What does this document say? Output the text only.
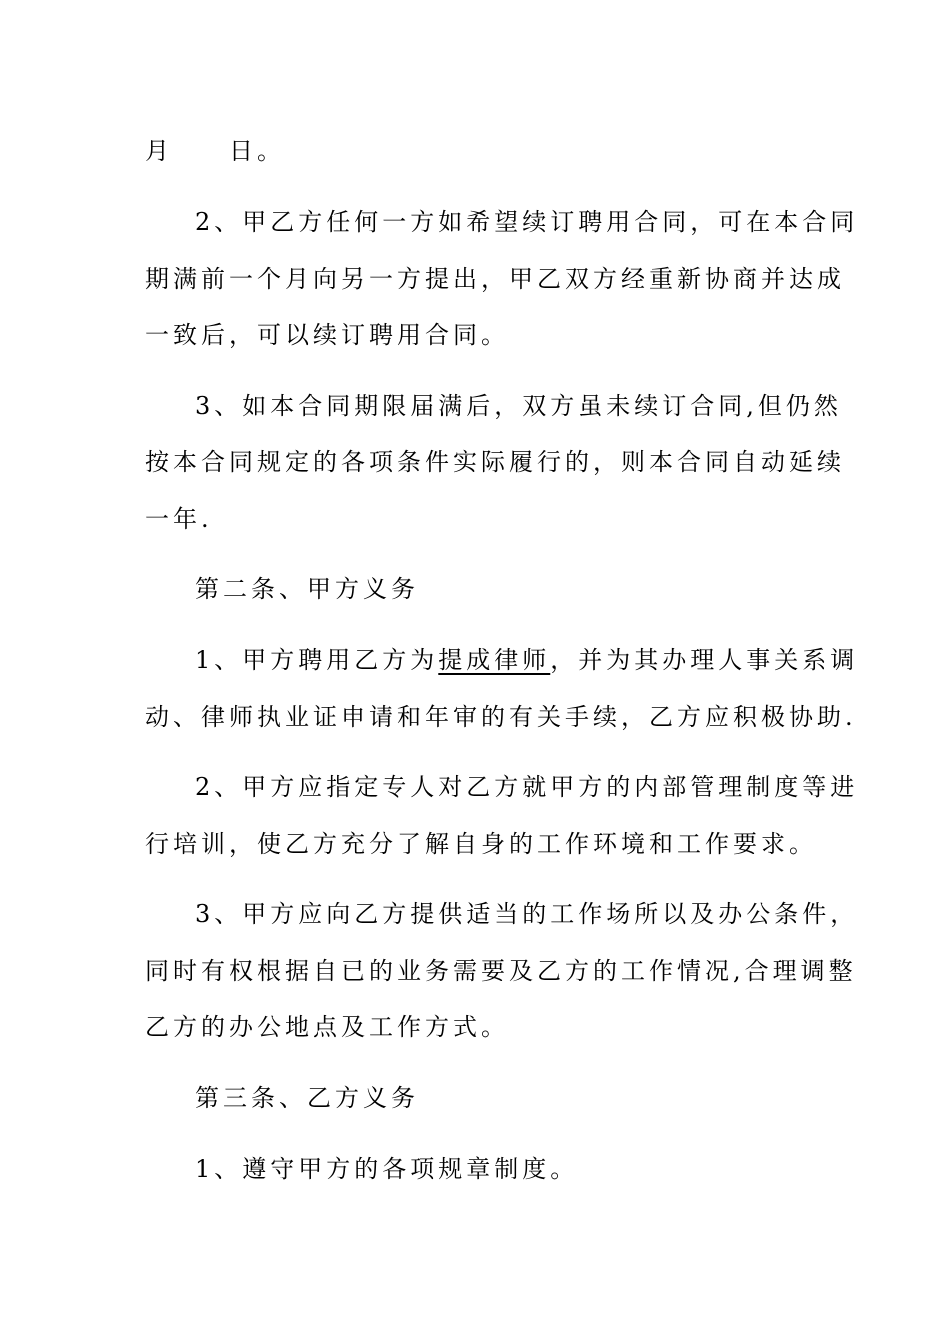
月　　日。
2、甲乙方任何一方如希望续订聘用合同，可在本合同
期满前一个月向另一方提出，甲乙双方经重新协商并达成
一致后，可以续订聘用合同。
3、如本合同期限届满后，双方虽未续订合同,但仍然
按本合同规定的各项条件实际履行的，则本合同自动延续
一年.
第二条、甲方义务
1、甲方聘用乙方为提成律师，并为其办理人事关系调
动、律师执业证申请和年审的有关手续，乙方应积极协助.
2、甲方应指定专人对乙方就甲方的内部管理制度等进
行培训，使乙方充分了解自身的工作环境和工作要求。
3、甲方应向乙方提供适当的工作场所以及办公条件，
同时有权根据自已的业务需要及乙方的工作情况,合理调整
乙方的办公地点及工作方式。
第三条、乙方义务
1、遵守甲方的各项规章制度。
